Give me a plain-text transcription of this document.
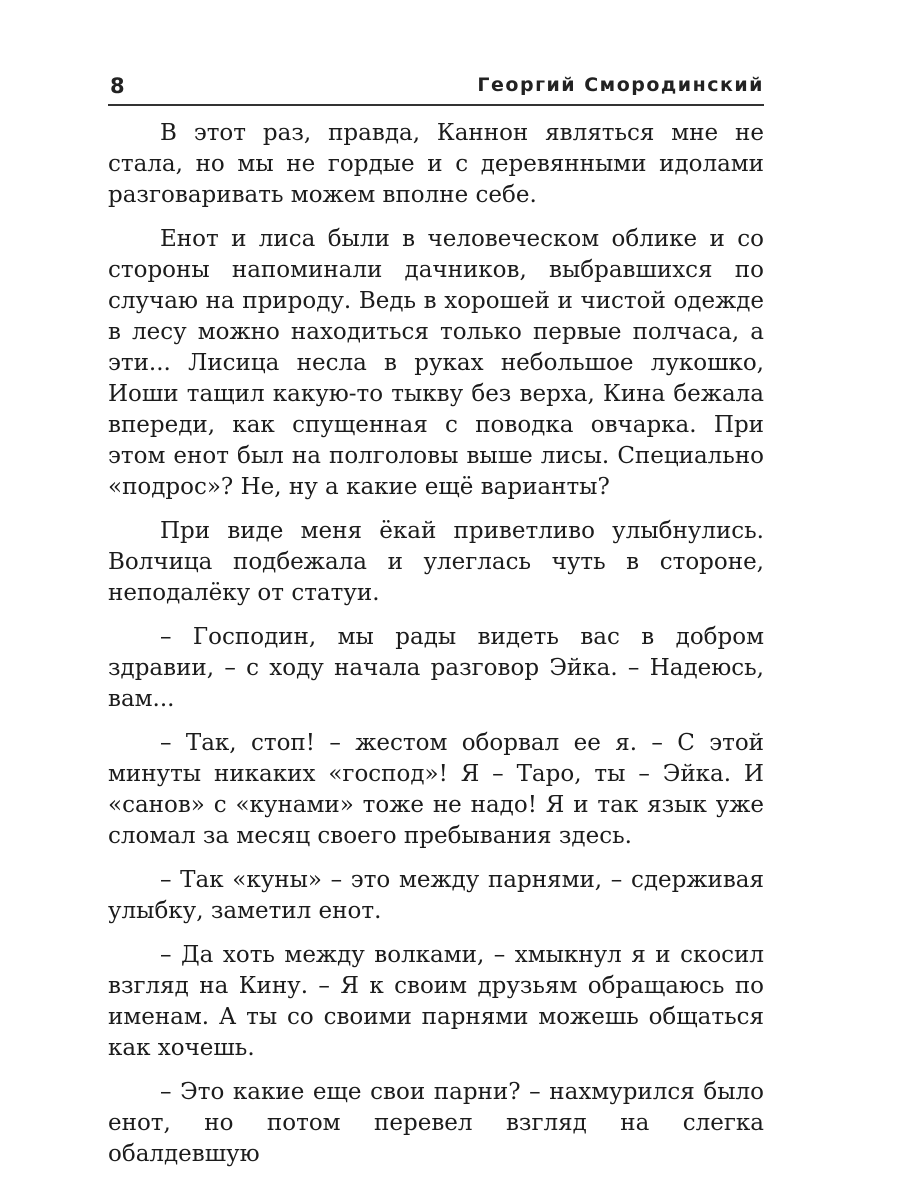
8	Георгий Смородинский

В этот раз, правда, Каннон являться мне не стала, но мы не гордые и с деревянными идолами разговаривать можем вполне себе.

Енот и лиса были в человеческом облике и со стороны напоминали дачников, выбравшихся по случаю на природу. Ведь в хорошей и чистой одежде в лесу можно находиться только первые полчаса, а эти... Лисица несла в руках небольшое лукошко, Иоши тащил какую-то тыкву без верха, Кина бежала впереди, как спущенная с поводка овчарка. При этом енот был на полголовы выше лисы. Специально «подрос»? Не, ну а какие ещё варианты?

При виде меня ёкай приветливо улыбнулись. Волчица подбежала и улеглась чуть в стороне, неподалёку от статуи.

– Господин, мы рады видеть вас в добром здравии, – с ходу начала разговор Эйка. – Надеюсь, вам...

– Так, стоп! – жестом оборвал ее я. – С этой минуты никаких «господ»! Я – Таро, ты – Эйка. И «санов» с «кунами» тоже не надо! Я и так язык уже сломал за месяц своего пребывания здесь.

– Так «куны» – это между парнями, – сдерживая улыбку, заметил енот.

– Да хоть между волками, – хмыкнул я и скосил взгляд на Кину. – Я к своим друзьям обращаюсь по именам. А ты со своими парнями можешь общаться как хочешь.

– Это какие еще свои парни? – нахмурился было енот, но потом перевел взгляд на слегка обалдевшую
